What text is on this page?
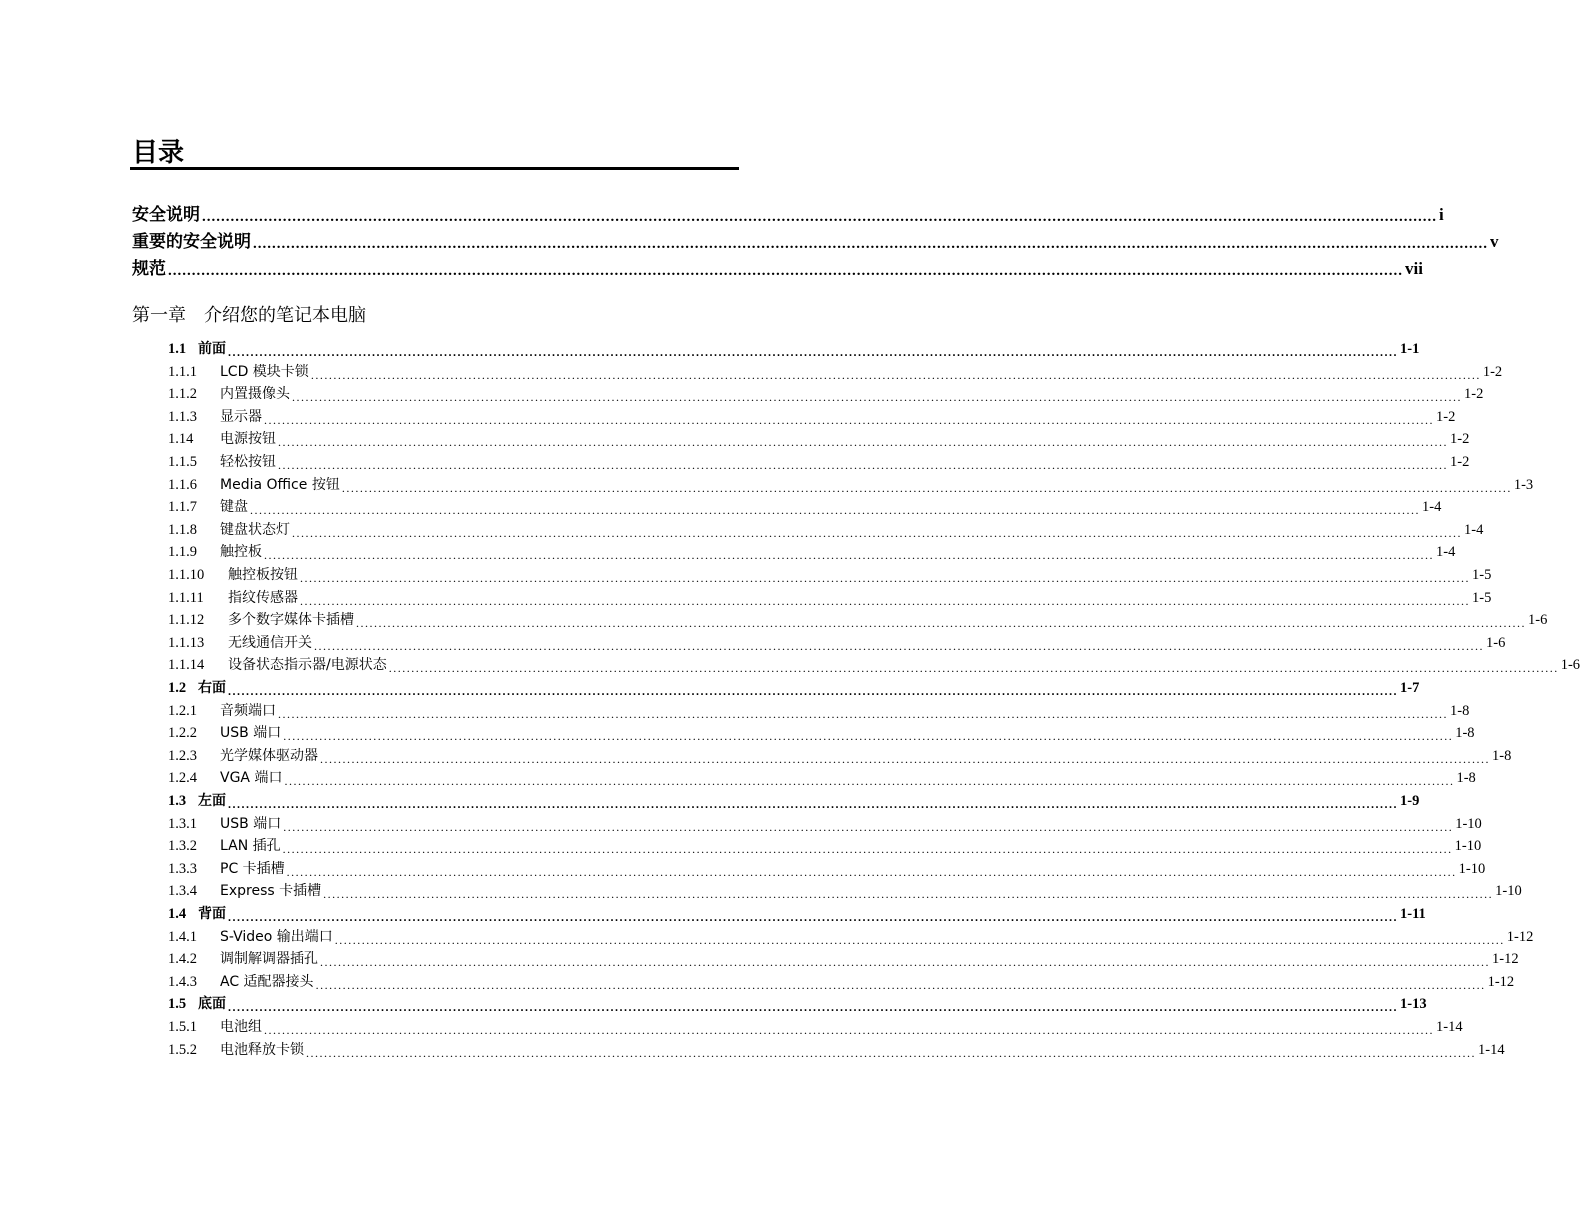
目录
安全说明 .................................................................................................................................................................................................................................................................... i
重要的安全说明 .................................................................................................................................................................................................................................................................... v
规范 .................................................................................................................................................................................................................................................................... vii
第一章 介绍您的笔记本电脑
1.1 前面 .................................................................................................................................................................................................................................................................... 1-1
1.1.1 LCD 模块卡锁 .................................................................................................................................................................................................................................................................... 1-2
1.1.2 内置摄像头 .................................................................................................................................................................................................................................................................... 1-2
1.1.3 显示器 .................................................................................................................................................................................................................................................................... 1-2
1.14 电源按钮 .................................................................................................................................................................................................................................................................... 1-2
1.1.5 轻松按钮 .................................................................................................................................................................................................................................................................... 1-2
1.1.6 Media Office 按钮 .................................................................................................................................................................................................................................................................... 1-3
1.1.7 键盘 .................................................................................................................................................................................................................................................................... 1-4
1.1.8 键盘状态灯 .................................................................................................................................................................................................................................................................... 1-4
1.1.9 触控板 .................................................................................................................................................................................................................................................................... 1-4
1.1.10 触控板按钮 .................................................................................................................................................................................................................................................................... 1-5
1.1.11 指纹传感器 .................................................................................................................................................................................................................................................................... 1-5
1.1.12 多个数字媒体卡插槽 .................................................................................................................................................................................................................................................................... 1-6
1.1.13 无线通信开关 .................................................................................................................................................................................................................................................................... 1-6
1.1.14 设备状态指示器/电源状态 .................................................................................................................................................................................................................................................................... 1-6
1.2 右面 .................................................................................................................................................................................................................................................................... 1-7
1.2.1 音频端口 .................................................................................................................................................................................................................................................................... 1-8
1.2.2 USB 端口 .................................................................................................................................................................................................................................................................... 1-8
1.2.3 光学媒体驱动器 .................................................................................................................................................................................................................................................................... 1-8
1.2.4 VGA 端口 .................................................................................................................................................................................................................................................................... 1-8
1.3 左面 .................................................................................................................................................................................................................................................................... 1-9
1.3.1 USB 端口 .................................................................................................................................................................................................................................................................... 1-10
1.3.2 LAN 插孔 .................................................................................................................................................................................................................................................................... 1-10
1.3.3 PC 卡插槽 .................................................................................................................................................................................................................................................................... 1-10
1.3.4 Express 卡插槽 .................................................................................................................................................................................................................................................................... 1-10
1.4 背面 .................................................................................................................................................................................................................................................................... 1-11
1.4.1 S-Video 输出端口 .................................................................................................................................................................................................................................................................... 1-12
1.4.2 调制解调器插孔 .................................................................................................................................................................................................................................................................... 1-12
1.4.3 AC 适配器接头 .................................................................................................................................................................................................................................................................... 1-12
1.5 底面 .................................................................................................................................................................................................................................................................... 1-13
1.5.1 电池组 .................................................................................................................................................................................................................................................................... 1-14
1.5.2 电池释放卡锁 .................................................................................................................................................................................................................................................................... 1-14
